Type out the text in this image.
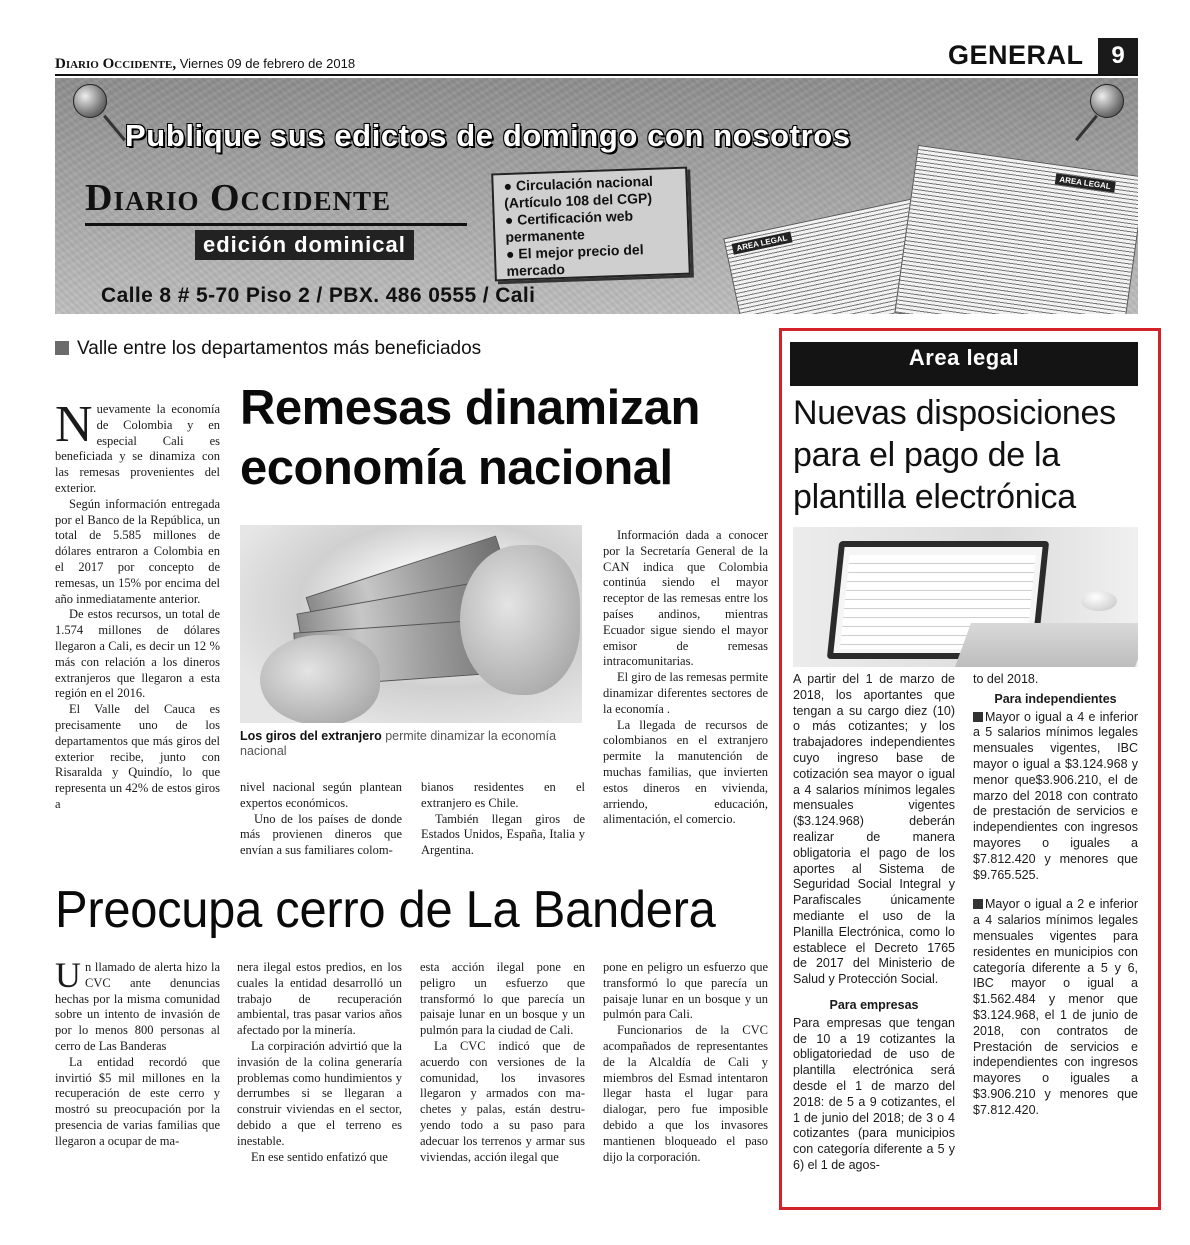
Diario Occidente, Viernes 09 de febrero de 2018	GENERAL	9
Publique sus edictos de domingo con nosotros
Diario Occidente
edición dominical
● Circulación nacional (Artículo 108 del CGP)
● Certificación web permanente
● El mejor precio del mercado
Calle 8 # 5-70 Piso 2 / PBX. 486 0555 / Cali
AREA LEGAL
AREA LEGAL
Valle entre los departamentos más beneficiados
Remesas dinamizan economía nacional

Nuevamente la economía de Colombia y en especial Cali es beneficiada y se dinamiza con las remesas provenientes del exterior.

Según información entregada por el Banco de la República, un total de 5.585 millones de dólares entraron a Colombia en el 2017 por concepto de remesas, un 15% por encima del año inmediatamente anterior.

De estos recursos, un total de 1.574 millones de dólares llegaron a Cali, es decir un 12 % más con relación a los dineros extranjeros que llegaron a esta región en el 2016.

El Valle del Cauca es precisamente uno de los departamentos que más giros del exterior recibe, junto con Risaralda y Quindío, lo que representa un 42% de estos giros a

Los giros del extranjero permite dinamizar la economía nacional

nivel nacional según plantean expertos económicos.

Uno de los países de donde más provienen dineros que envían a sus familiares colom-

bianos residentes en el extranjero es Chile.

También llegan giros de Estados Unidos, España, Italia y Argentina.

Información dada a conocer por la Secretaría General de la CAN indica que Colombia continúa siendo el mayor receptor de las remesas entre los países andinos, mientras Ecuador sigue siendo el mayor emisor de remesas intracomunitarias.

El giro de las remesas permite dinamizar diferentes sectores de la economía .

La llegada de recursos de colombianos en el extranjero permite la manutención de muchas familias, que invierten estos dineros en vivienda, arriendo, educación, alimentación, el comercio.

Preocupa cerro de La Bandera

Un llamado de alerta hizo la CVC ante denuncias hechas por la misma comunidad sobre un intento de invasión de por lo menos 800 personas al cerro de Las Banderas

La entidad recordó que invirtió $5 mil millones en la recuperación de este cerro y mostró su preocupación por la presencia de varias familias que llegaron a ocupar de ma-

nera ilegal estos predios, en los cuales la entidad desarrolló un trabajo de recuperación ambiental, tras pasar varios años afectado por la minería.

La corpiración advirtió que la invasión de la colina generaría problemas como hundimientos y derrumbes si se llegaran a construir viviendas en el sector, debido a que el terreno es inestable.

En ese sentido enfatizó que

esta acción ilegal pone en peligro un esfuerzo que transformó lo que parecía un paisaje lunar en un bosque y un pulmón para la ciudad de Cali.

La CVC indicó que de acuerdo con versiones de la comunidad, los invasores llegaron y armados con ma-chetes y palas, están destru-yendo todo a su paso para adecuar los terrenos y armar sus viviendas, acción ilegal que

pone en peligro un esfuerzo que transformó lo que parecía un paisaje lunar en un bosque y un pulmón para Cali.

Funcionarios de la CVC acompañados de representantes de la Alcaldía de Cali y miembros del Esmad intentaron llegar hasta el lugar para dialogar, pero fue imposible debido a que los invasores mantienen bloqueado el paso dijo la corporación.

Area legal
Nuevas disposiciones para el pago de la plantilla electrónica

A partir del 1 de marzo de 2018, los aportantes que tengan a su cargo diez (10) o más cotizantes; y los trabajadores independientes cuyo ingreso base de cotización sea mayor o igual a 4 salarios mínimos legales mensuales vigentes ($3.124.968) deberán realizar de manera obligatoria el pago de los aportes al Sistema de Seguridad Social Integral y Parafiscales únicamente mediante el uso de la Planilla Electrónica, como lo establece el Decreto 1765 de 2017 del Ministerio de Salud y Protección Social.

Para empresas

Para empresas que tengan de 10 a 19 cotizantes la obligatoriedad de uso de plantilla electrónica será desde el 1 de marzo del 2018: de 5 a 9 cotizantes, el 1 de junio del 2018; de 3 o 4 cotizantes (para municipios con categoría diferente a 5 y 6) el 1 de agos-

to del 2018.

Para independientes

Mayor o igual a 4 e inferior a 5 salarios mínimos legales mensuales vigentes, IBC mayor o igual a $3.124.968 y menor que$3.906.210, el de marzo del 2018 con contrato de prestación de servicios e independientes con ingresos mayores o iguales a $7.812.420 y menores que $9.765.525.

Mayor o igual a 2 e inferior a 4 salarios mínimos legales mensuales vigentes para residentes en municipios con categoría diferente a 5 y 6, IBC mayor o igual a $1.562.484 y menor que $3.124.968, el 1 de junio de 2018, con contratos de Prestación de servicios e independientes con ingresos mayores o iguales a $3.906.210 y menores que $7.812.420.
